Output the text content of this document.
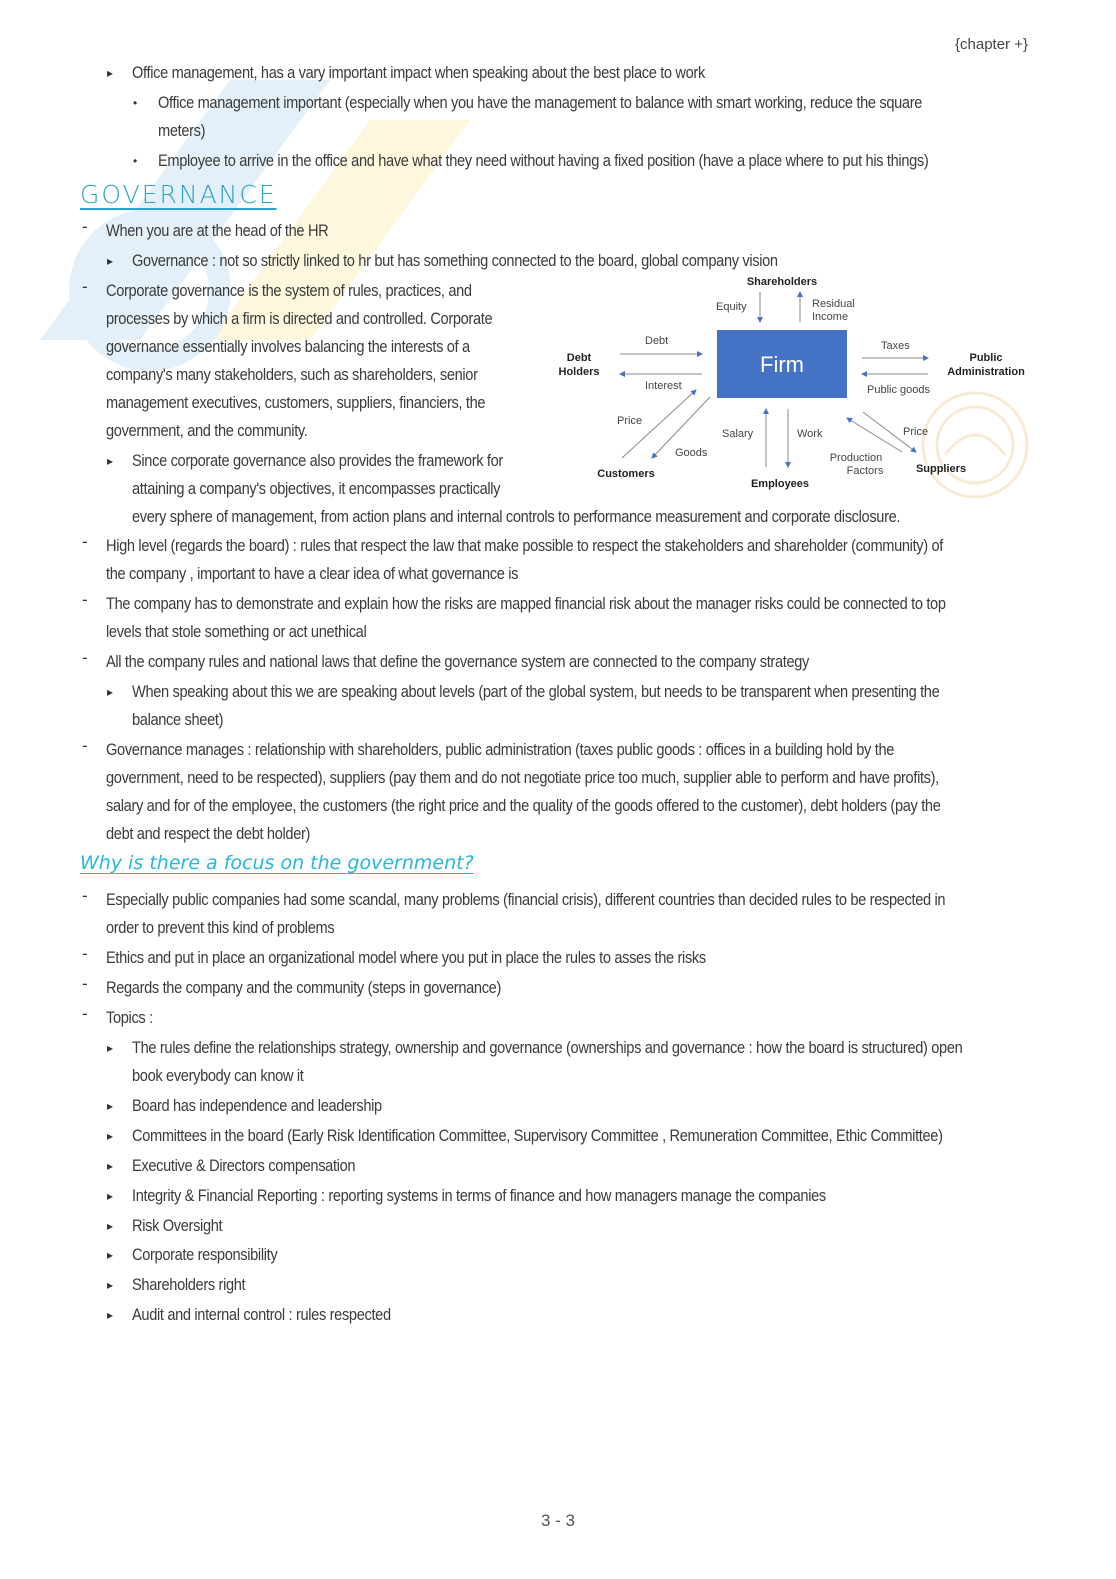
{chapter +}
▸ Office management, has a vary important impact when speaking about the best place to work
• Office management important (especially when you have the management to balance with smart working, reduce the square
meters)
• Employee to arrive in the office and have what they need without having a fixed position (have a place where to put his things)
GOVERNANCE
- When you are at the head of the HR
▸ Governance : not so strictly linked to hr but has something connected to the board, global company vision
- Corporate governance is the system of rules, practices, and
processes by which a firm is directed and controlled. Corporate
governance essentially involves balancing the interests of a
company's many stakeholders, such as shareholders, senior
management executives, customers, suppliers, financiers, the
government, and the community.
▸ Since corporate governance also provides the framework for
attaining a company's objectives, it encompasses practically
every sphere of management, from action plans and internal controls to performance measurement and corporate disclosure.
Firm
Shareholders
Equity	Residual
Income
Debt
Holders
Debt
Interest
Taxes
Public goods
Public
Administration
Price
Goods
Customers
Salary	Work
Employees
Price
Production
Factors	Suppliers
- High level (regards the board) : rules that respect the law that make possible to respect the stakeholders and shareholder (community) of
the company , important to have a clear idea of what governance is
- The company has to demonstrate and explain how the risks are mapped financial risk about the manager risks could be connected to top
levels that stole something or act unethical
- All the company rules and national laws that define the governance system are connected to the company strategy
▸ When speaking about this we are speaking about levels (part of the global system, but needs to be transparent when presenting the
balance sheet)
- Governance manages : relationship with shareholders, public administration (taxes public goods : offices in a building hold by the
government, need to be respected), suppliers (pay them and do not negotiate price too much, supplier able to perform and have profits),
salary and for of the employee, the customers (the right price and the quality of the goods offered to the customer), debt holders (pay the
debt and respect the debt holder)
Why is there a focus on the government?
- Especially public companies had some scandal, many problems (financial crisis), different countries than decided rules to be respected in
order to prevent this kind of problems
- Ethics and put in place an organizational model where you put in place the rules to asses the risks
- Regards the company and the community (steps in governance)
- Topics :
▸ The rules define the relationships strategy, ownership and governance (ownerships and governance : how the board is structured) open
book everybody can know it
▸ Board has independence and leadership
▸ Committees in the board (Early Risk Identification Committee, Supervisory Committee , Remuneration Committee, Ethic Committee)
▸ Executive & Directors compensation
▸ Integrity & Financial Reporting : reporting systems in terms of finance and how managers manage the companies
▸ Risk Oversight
▸ Corporate responsibility
▸ Shareholders right
▸ Audit and internal control : rules respected
3 - 3
